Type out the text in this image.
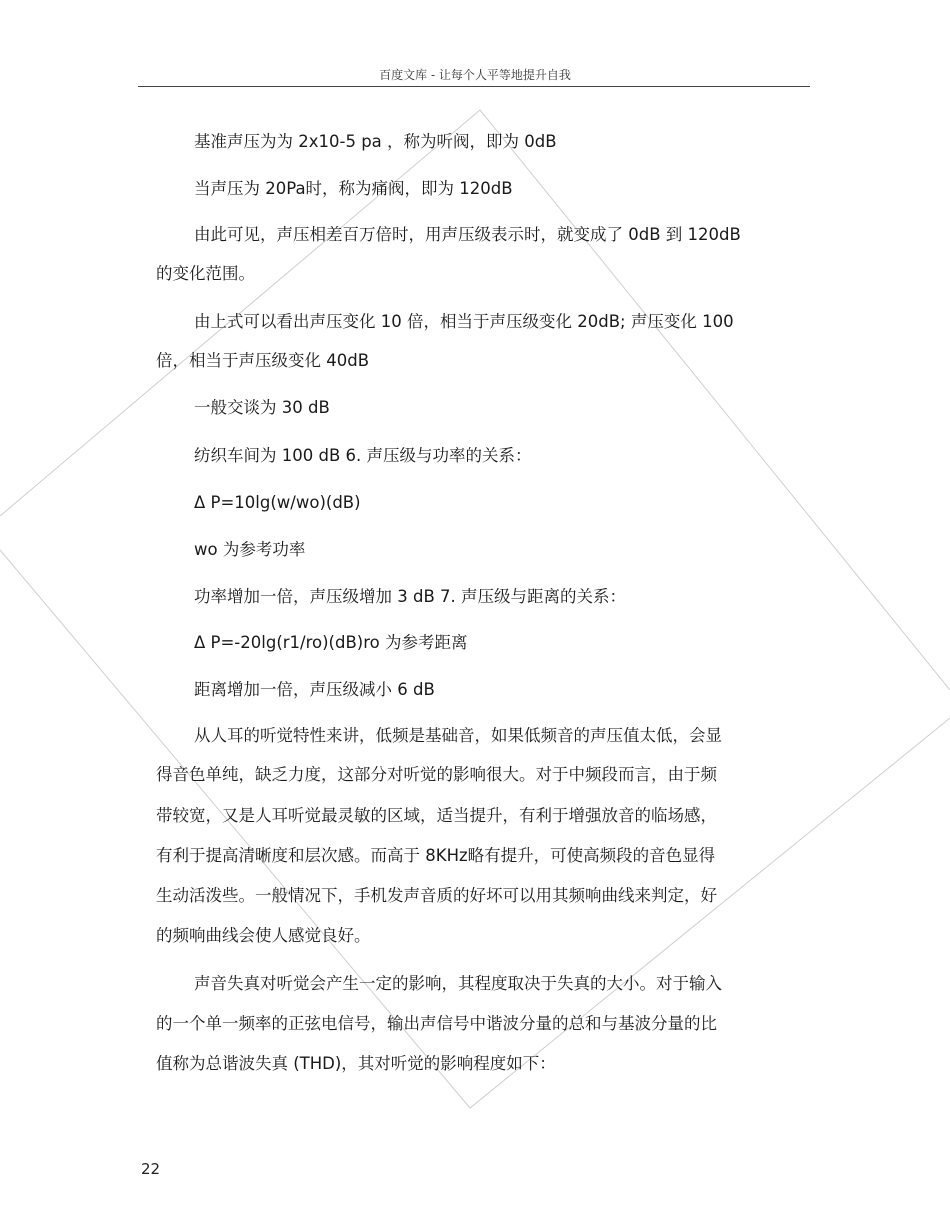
百度文库 - 让每个人平等地提升自我
基准声压为为 2x10-5 pa ，称为听阀，即为 0dB
当声压为 20Pa时，称为痛阀，即为 120dB
由此可见，声压相差百万倍时，用声压级表示时，就变成了 0dB 到 120dB
的变化范围。
由上式可以看出声压变化 10 倍，相当于声压级变化 20dB; 声压变化 100
倍，相当于声压级变化 40dB
一般交谈为 30 dB
纺织车间为 100 dB 6. 声压级与功率的关系：
Δ P=10lg(w/wo)(dB)
wo 为参考功率
功率增加一倍，声压级增加 3 dB 7. 声压级与距离的关系：
Δ P=-20lg(r1/ro)(dB)ro 为参考距离
距离增加一倍，声压级减小 6 dB
从人耳的听觉特性来讲，低频是基础音，如果低频音的声压值太低，会显
得音色单纯，缺乏力度，这部分对听觉的影响很大。对于中频段而言，由于频
带较宽，又是人耳听觉最灵敏的区域，适当提升，有利于增强放音的临场感，
有利于提高清晰度和层次感。而高于 8KHz略有提升，可使高频段的音色显得
生动活泼些。一般情况下，手机发声音质的好坏可以用其频响曲线来判定，好
的频响曲线会使人感觉良好。
声音失真对听觉会产生一定的影响，其程度取决于失真的大小。对于输入
的一个单一频率的正弦电信号，输出声信号中谐波分量的总和与基波分量的比
值称为总谐波失真 (THD)，其对听觉的影响程度如下：
22
